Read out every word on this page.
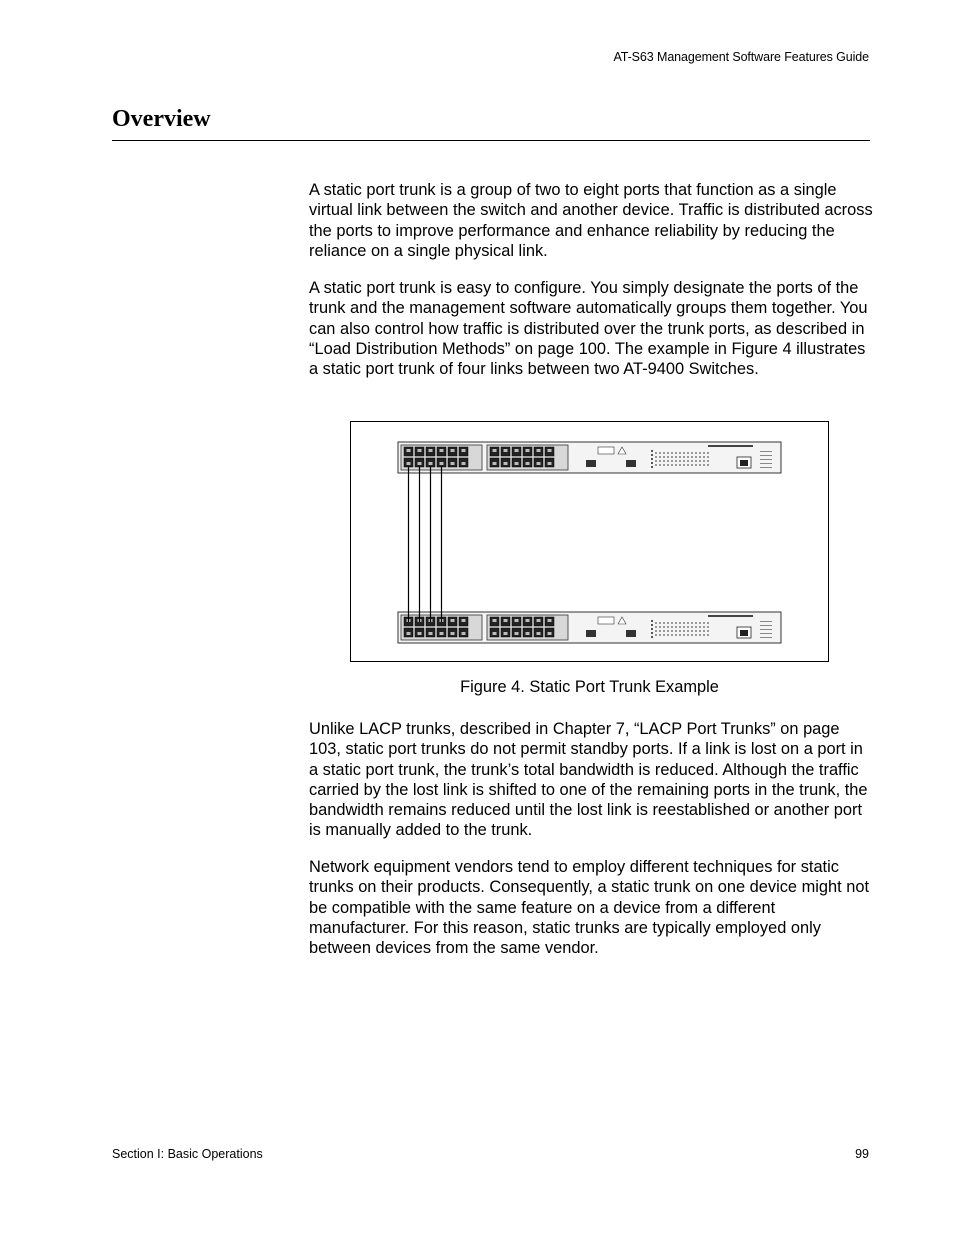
AT-S63 Management Software Features Guide
Overview

A static port trunk is a group of two to eight ports that function as a single virtual link between the switch and another device. Traffic is distributed across the ports to improve performance and enhance reliability by reducing the reliance on a single physical link.

A static port trunk is easy to configure. You simply designate the ports of the trunk and the management software automatically groups them together. You can also control how traffic is distributed over the trunk ports, as described in “Load Distribution Methods” on page 100. The example in Figure 4 illustrates a static port trunk of four links between two AT-9400 Switches.

Figure 4. Static Port Trunk Example

Unlike LACP trunks, described in Chapter 7, “LACP Port Trunks” on page 103, static port trunks do not permit standby ports. If a link is lost on a port in a static port trunk, the trunk’s total bandwidth is reduced. Although the traffic carried by the lost link is shifted to one of the remaining ports in the trunk, the bandwidth remains reduced until the lost link is reestablished or another port is manually added to the trunk.

Network equipment vendors tend to employ different techniques for static trunks on their products. Consequently, a static trunk on one device might not be compatible with the same feature on a device from a different manufacturer. For this reason, static trunks are typically employed only between devices from the same vendor.

Section I: Basic Operations	99
